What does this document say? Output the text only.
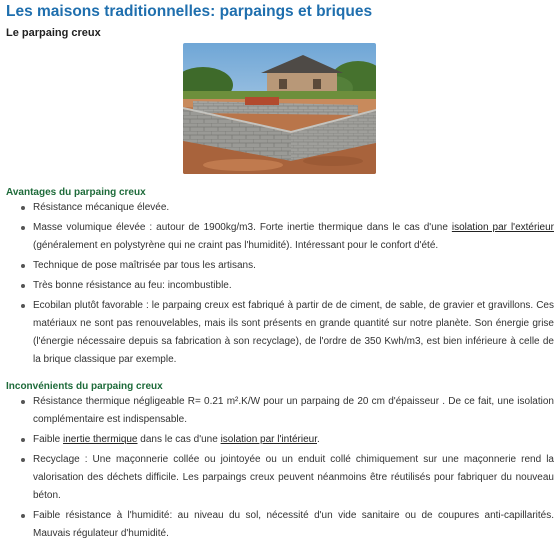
Les maisons traditionnelles: parpaings et briques
Le parpaing creux
Avantages du parpaing creux
Résistance mécanique élevée.
Masse volumique élevée : autour de 1900kg/m3. Forte inertie thermique dans le cas d'une isolation par l'extérieur (généralement en polystyrène qui ne craint pas l'humidité). Intéressant pour le confort d'été.
Technique de pose maîtrisée par tous les artisans.
Très bonne résistance au feu: incombustible.
Ecobilan plutôt favorable : le parpaing creux est fabriqué à partir de de ciment, de sable, de gravier et gravillons. Ces matériaux ne sont pas renouvelables, mais ils sont présents en grande quantité sur notre planète. Son énergie grise (l'énergie nécessaire depuis sa fabrication à son recyclage), de l'ordre de 350 Kwh/m3, est bien inférieure à celle de la brique classique par exemple.
Inconvénients du parpaing creux
Résistance thermique négligeable R= 0.21 m².K/W pour un parpaing de 20 cm d'épaisseur . De ce fait, une isolation complémentaire est indispensable.
Faible inertie thermique dans le cas d'une isolation par l'intérieur.
Recyclage : Une maçonnerie collée ou jointoyée ou un enduit collé chimiquement sur une maçonnerie rend la valorisation des déchets difficile. Les parpaings creux peuvent néanmoins être réutilisés pour fabriquer du nouveau béton.
Faible résistance à l'humidité: au niveau du sol, nécessité d'un vide sanitaire ou de coupures anti-capillarités. Mauvais régulateur d'humidité.
